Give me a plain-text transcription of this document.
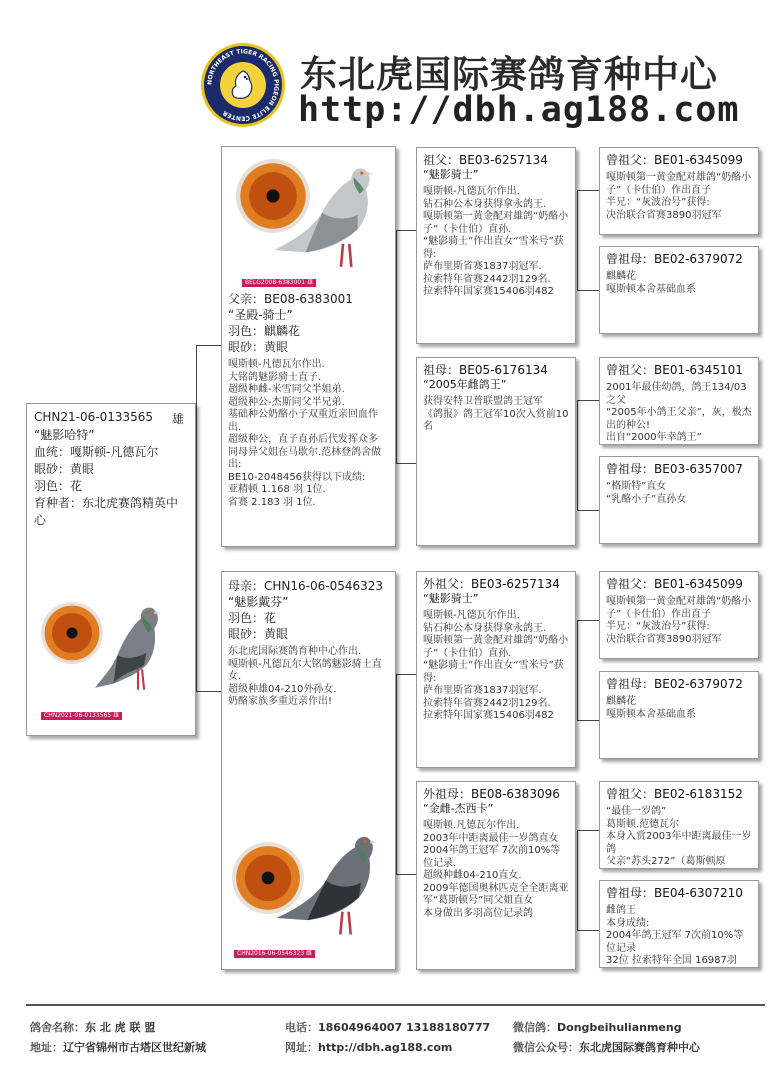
NORTHEAST TIGER RACING PIGEON ELITE CENTER
东北虎国际赛鸽育种中心
http://dbh.ag188.com
CHN21-06-0133565 雄
“魅影哈特”
血统：嘎斯顿-凡德瓦尔
眼砂：黄眼
羽色：花
育种者：东北虎赛鸽精英中心
CHN2021-06-0133565 雄
BELG2008-6383001 雄
父亲：BE08-6383001
“圣殿-骑士”
羽色：麒麟花
眼砂：黄眼
嘎斯顿-凡德瓦尔作出.
大铭鸽魅影骑士直子.
超级种雌-米雪同父半姐弟.
超级种公-杰斯同父半兄弟.
基础种公奶酪小子双重近亲回血作出.
超级种公，直子直孙后代发挥众多
同母异父姐在马歇尔.范林登鸽舍做出:
BE10-2048456获得以下成绩:
亚精顿 1.168 羽 1位.
省赛 2.183 羽 1位.
母亲：CHN16-06-0546323
“魅影戴芬”
羽色：花
眼砂：黄眼
东北虎国际赛鸽育种中心作出.
嘎斯顿-凡德瓦尔大铭鸽魅影骑士直女.
超级种雄04-210外孙女.
奶酪家族多重近亲作出!
CHN2016-06-0546323 雌
祖父：BE03-6257134
“魅影骑士”
嘎斯顿-凡德瓦尔作出.
钻石种公本身获得拿永鸽王.
嘎斯顿第一黄金配对雄鸽“奶酪小子”（卡仕伯）直孙.
“魅影骑士”作出直女“雪米号”获得:
萨布里斯省赛1837羽冠军.
拉索特年省赛2442羽129名.
拉索特年国家赛15406羽482
祖母：BE05-6176134
“2005年雌鸽王”
获得安特卫普联盟鸽王冠军
《鸽报》鸽王冠军10次入赏前10名
外祖父：BE03-6257134
“魅影骑士”
嘎斯顿-凡德瓦尔作出.
钻石种公本身获得拿永鸽王.
嘎斯顿第一黄金配对雄鸽“奶酪小子”（卡仕伯）直孙.
“魅影骑士”作出直女“雪米号”获得:
萨布里斯省赛1837羽冠军.
拉索特年省赛2442羽129名.
拉索特年国家赛15406羽482
外祖母：BE08-6383096
“金雌-杰西卡”
嘎斯顿.凡德瓦尔作出.
2003年中距离最佳一岁鸽直女
2004年鸽王冠军 7次前10%等位记录.
超级种雌04-210直女.
2009年德国奥林匹克全全距离亚军“葛斯顿号”同父姐直女
本身做出多羽高位记录鸽
曾祖父：BE01-6345099
嘎斯顿第一黄金配对雄鸽“奶酪小子”（卡仕伯）作出直子
半兄：“灰波治号”获得:
决治联合省赛3890羽冠军
曾祖母：BE02-6379072
麒麟花
嘎斯顿本舍基础血系
曾祖父：BE01-6345101
2001年最佳幼鸽，鸽王134/03之父
“2005年小鸽王父亲”，灰，极杰出的种公!
出自“2000年幸鸽王”
曾祖母：BE03-6357007
“格斯特”直女
“乳酪小子”直孙女
曾祖父：BE01-6345099
嘎斯顿第一黄金配对雄鸽“奶酪小子”（卡仕伯）作出直子
半兄：“灰波治号”获得:
决治联合省赛3890羽冠军
曾祖母：BE02-6379072
麒麟花
嘎斯顿本舍基础血系
曾祖父：BE02-6183152
“最佳一岁鸽”
葛斯顿.范德瓦尔
本身入赏2003年中距离最佳一岁鸽
父亲“苏头272”（葛斯顿原
曾祖母：BE04-6307210
雌鸽王
本身成绩:
2004年鸽王冠军 7次前10%等位记录
32位 拉索特年全国 16987羽
鸽舍名称：东 北 虎 联 盟	电话：18604964007 13188180777 微信鸽：Dongbeihulianmeng
地址：辽宁省锦州市古塔区世纪新城	网址：http://dbh.ag188.com	微信公众号：东北虎国际赛鸽育种中心
